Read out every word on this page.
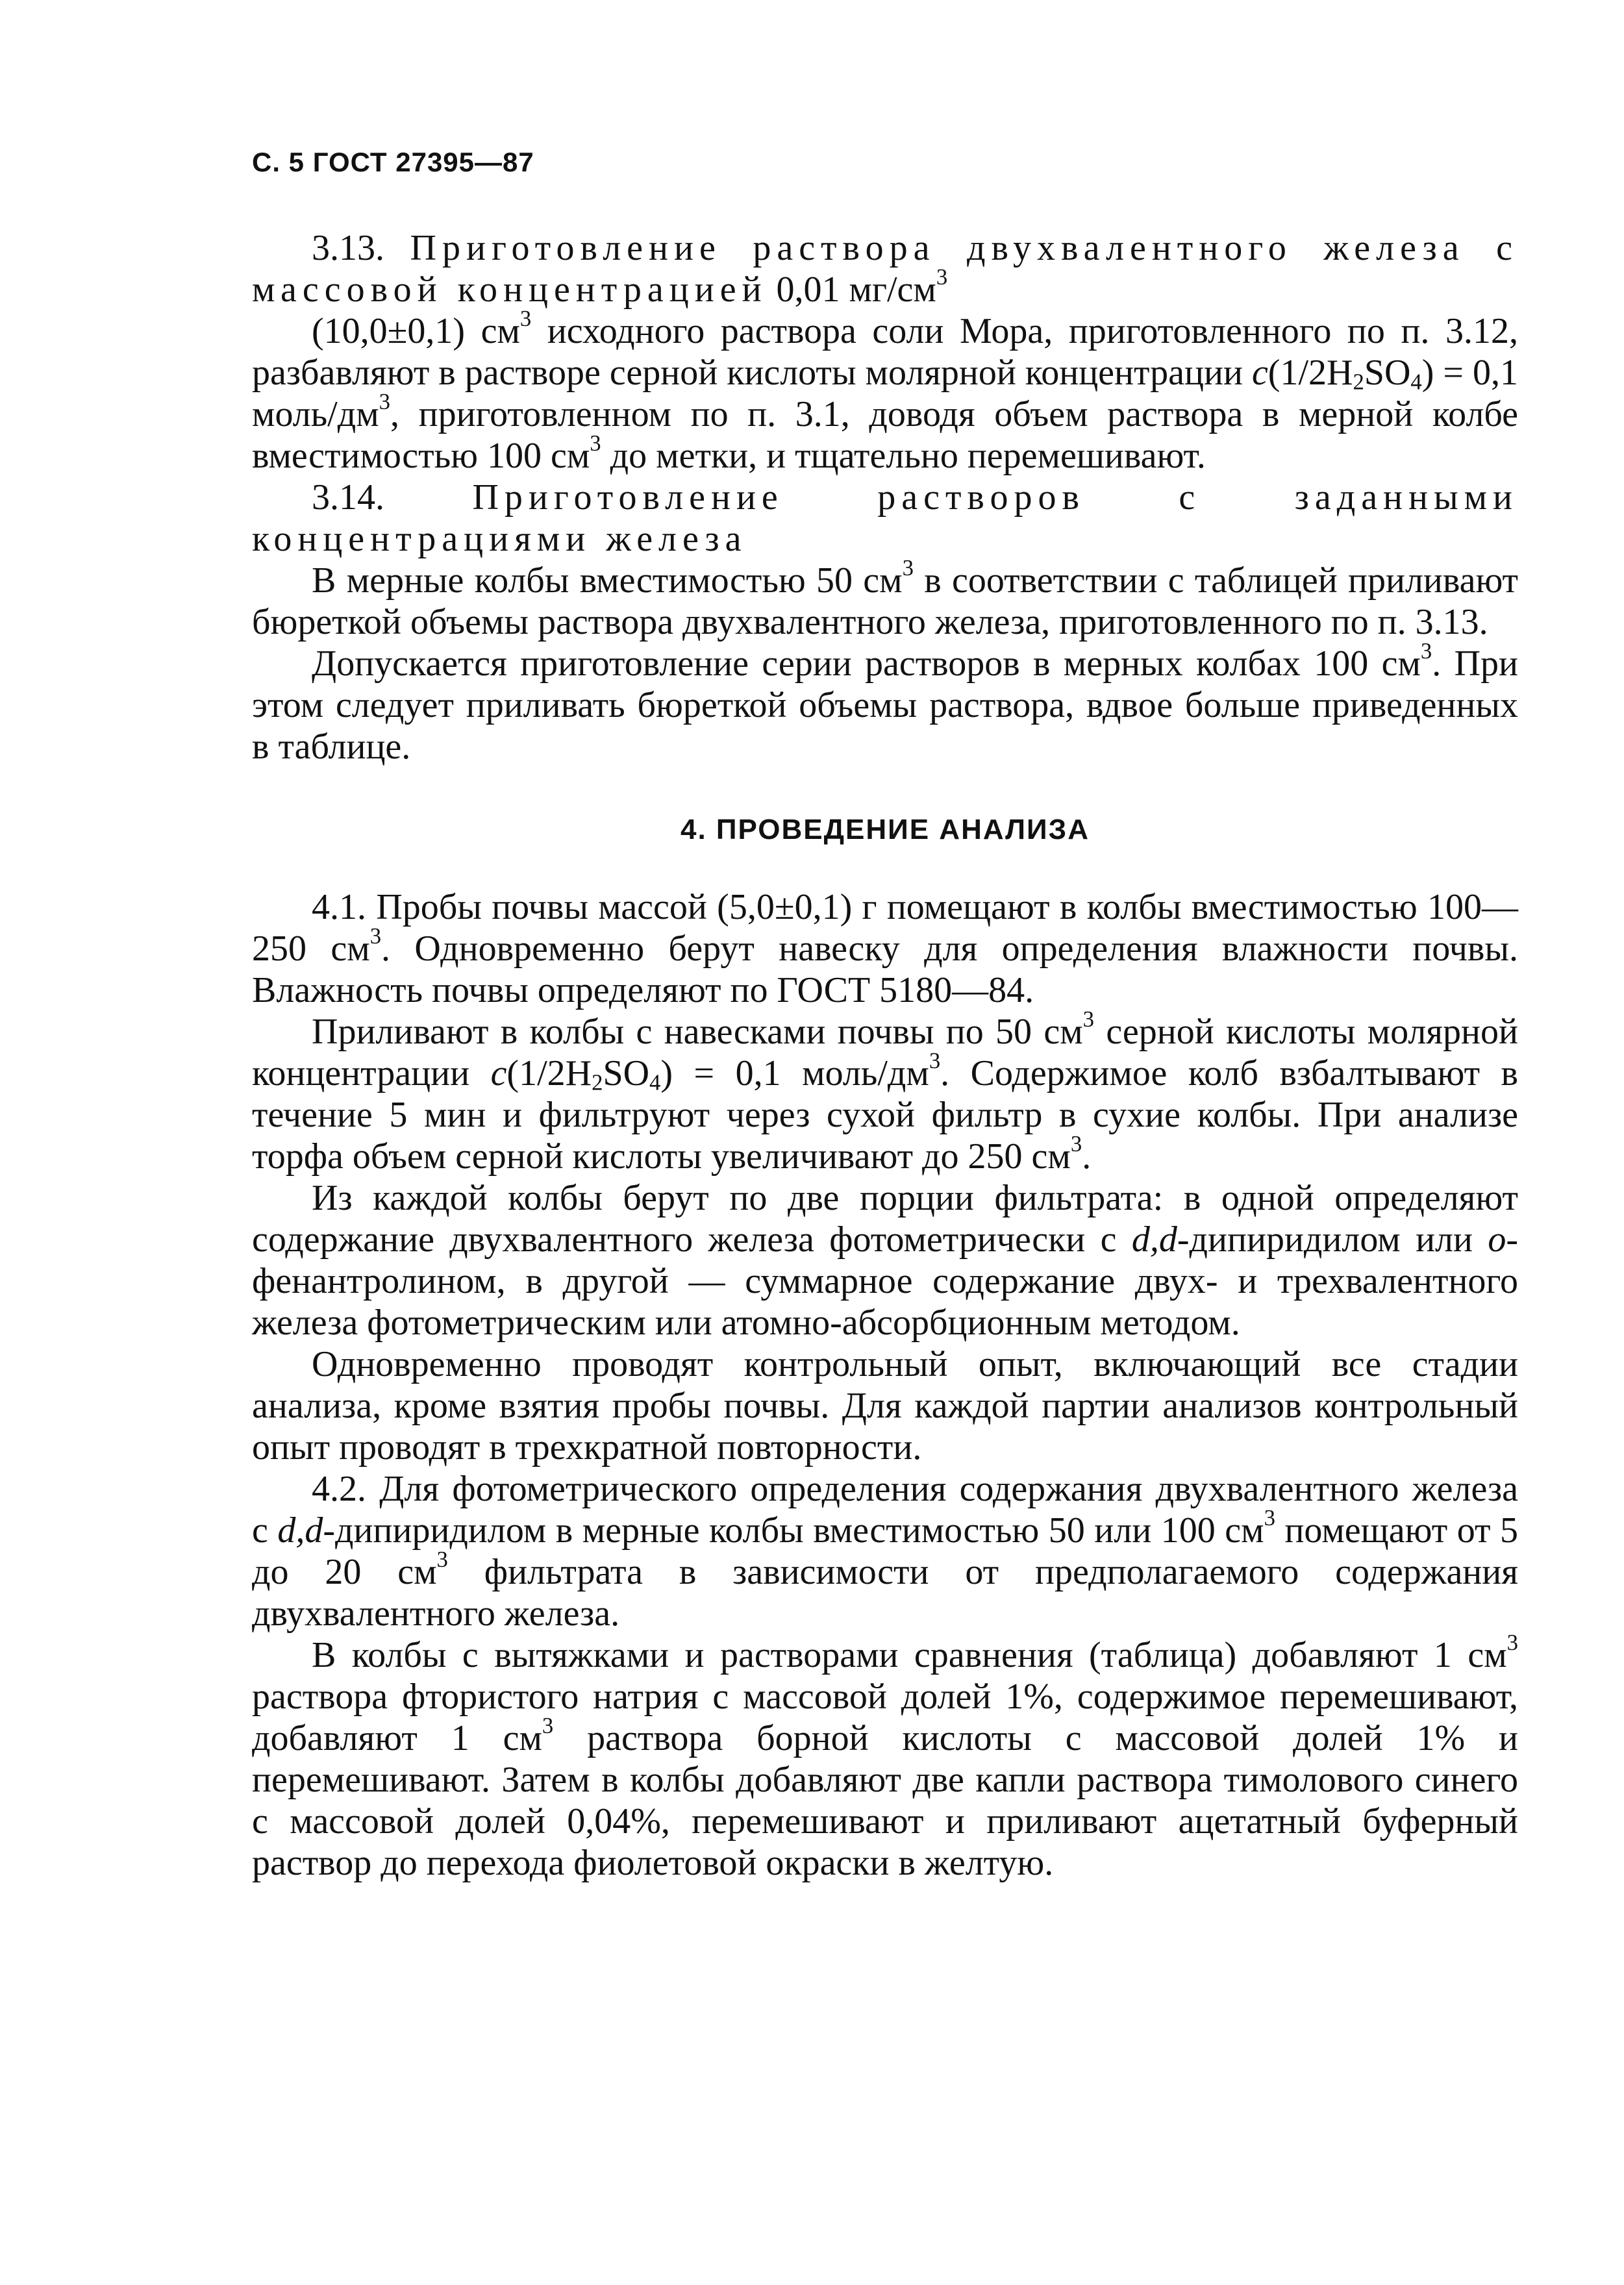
С. 5 ГОСТ 27395—87

3.13. Приготовление раствора двухвалентного железа с массовой концентрацией 0,01 $мг/см^3$

(10,0±0,1) $см^3$ исходного раствора соли Мора, приготовленного по п. 3.12, разбавляют в растворе серной кислоты молярной концентрации $с(1/2H_2SO_4) = 0,1$ моль/$дм^3$, приготовленном по п. 3.1, доводя объем раствора в мерной колбе вместимостью 100 $см^3$ до метки, и тщательно перемешивают.

3.14. Приготовление растворов с заданными концентрациями железа

В мерные колбы вместимостью 50 $см^3$ в соответствии с таблицей приливают бюреткой объемы раствора двухвалентного железа, приготовленного по п. 3.13.

Допускается приготовление серии растворов в мерных колбах 100 $см^3$. При этом следует приливать бюреткой объемы раствора, вдвое больше приведенных в таблице.

4. ПРОВЕДЕНИЕ АНАЛИЗА

4.1. Пробы почвы массой (5,0±0,1) г помещают в колбы вместимостью 100—250 $см^3$. Одновременно берут навеску для определения влажности почвы. Влажность почвы определяют по ГОСТ 5180—84.

Приливают в колбы с навесками почвы по 50 $см^3$ серной кислоты молярной концентрации $с(1/2H_2SO_4) = 0,1$ моль/$дм^3$. Содержимое колб взбалтывают в течение 5 мин и фильтруют через сухой фильтр в сухие колбы. При анализе торфа объем серной кислоты увеличивают до 250 $см^3$.

Из каждой колбы берут по две порции фильтрата: в одной определяют содержание двухвалентного железа фотометрически с d,d-дипиридилом или о-фенантролином, в другой — суммарное содержание двух- и трехвалентного железа фотометрическим или атомно-абсорбционным методом.

Одновременно проводят контрольный опыт, включающий все стадии анализа, кроме взятия пробы почвы. Для каждой партии анализов контрольный опыт проводят в трехкратной повторности.

4.2. Для фотометрического определения содержания двухвалентного железа с d,d-дипиридилом в мерные колбы вместимостью 50 или 100 $см^3$ помещают от 5 до 20 $см^3$ фильтрата в зависимости от предполагаемого содержания двухвалентного железа.

В колбы с вытяжками и растворами сравнения (таблица) добавляют 1 $см^3$ раствора фтористого натрия с массовой долей 1%, содержимое перемешивают, добавляют 1 $см^3$ раствора борной кислоты с массовой долей 1% и перемешивают. Затем в колбы добавляют две капли раствора тимолового синего с массовой долей 0,04%, перемешивают и приливают ацетатный буферный раствор до перехода фиолетовой окраски в желтую.
